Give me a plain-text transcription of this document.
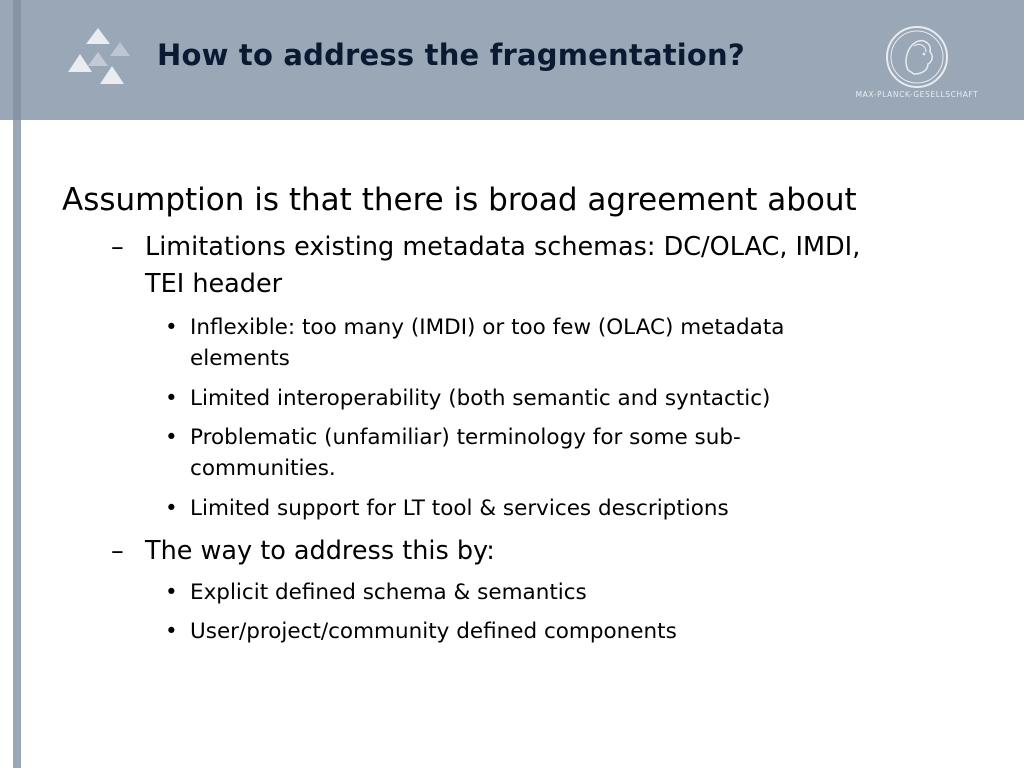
How to address the fragmentation?
MAX-PLANCK-GESELLSCHAFT
Assumption is that there is broad agreement about
– Limitations existing metadata schemas: DC/OLAC, IMDI,
TEI header
• Inflexible: too many (IMDI) or too few (OLAC) metadata
elements
• Limited interoperability (both semantic and syntactic)
• Problematic (unfamiliar) terminology for some sub-
communities.
• Limited support for LT tool & services descriptions
– The way to address this by:
• Explicit defined schema & semantics
• User/project/community defined components
